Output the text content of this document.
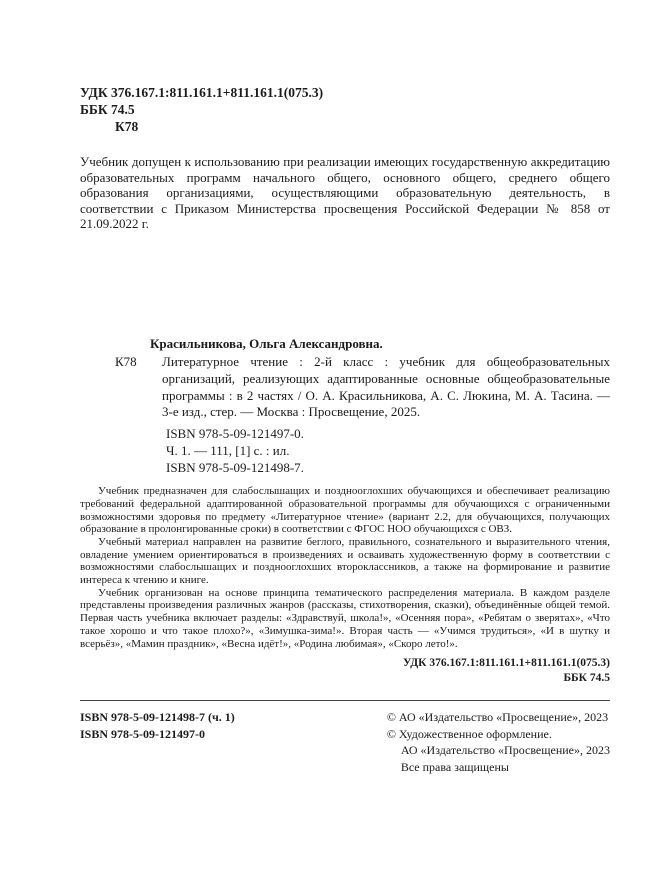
УДК 376.167.1:811.161.1+811.161.1(075.3)
ББК 74.5
К78

Учебник допущен к использованию при реализации имеющих государственную аккредитацию образовательных программ начального общего, основного общего, среднего общего образования организациями, осуществляющими образовательную деятельность, в соответствии с Приказом Министерства просвещения Российской Федерации № 858 от 21.09.2022 г.

Красильникова, Ольга Александровна.
К78	Литературное чтение : 2-й класс : учебник для общеобразовательных организаций, реализующих адаптированные основные общеобразовательные программы : в 2 частях / О. А. Красильникова, А. С. Люкина, М. А. Тасина. — 3-е изд., стер. — Москва : Просвещение, 2025.

ISBN 978-5-09-121497-0.
Ч. 1. — 111, [1] с. : ил.
ISBN 978-5-09-121498-7.

Учебник предназначен для слабослышащих и позднооглохших обучающихся и обеспечивает реализацию требований федеральной адаптированной образовательной программы для обучающихся с ограниченными возможностями здоровья по предмету «Литературное чтение» (вариант 2.2, для обучающихся, получающих образование в пролонгированные сроки) в соответствии с ФГОС НОО обучающихся с ОВЗ.

Учебный материал направлен на развитие беглого, правильного, сознательного и выразительного чтения, овладение умением ориентироваться в произведениях и осваивать художественную форму в соответствии с возможностями слабослышащих и позднооглохших второклассников, а также на формирование и развитие интереса к чтению и книге.

Учебник организован на основе принципа тематического распределения материала. В каждом разделе представлены произведения различных жанров (рассказы, стихотворения, сказки), объединённые общей темой. Первая часть учебника включает разделы: «Здравствуй, школа!», «Осенняя пора», «Ребятам о зверятах», «Что такое хорошо и что такое плохо?», «Зимушка-зима!». Вторая часть — «Учимся трудиться», «И в шутку и всерьёз», «Мамин праздник», «Весна идёт!», «Родина любимая», «Скоро лето!».

УДК 376.167.1:811.161.1+811.161.1(075.3)
ББК 74.5
ISBN 978-5-09-121498-7 (ч. 1)
ISBN 978-5-09-121497-0
© АО «Издательство «Просвещение», 2023
© Художественное оформление.
АО «Издательство «Просвещение», 2023
Все права защищены
